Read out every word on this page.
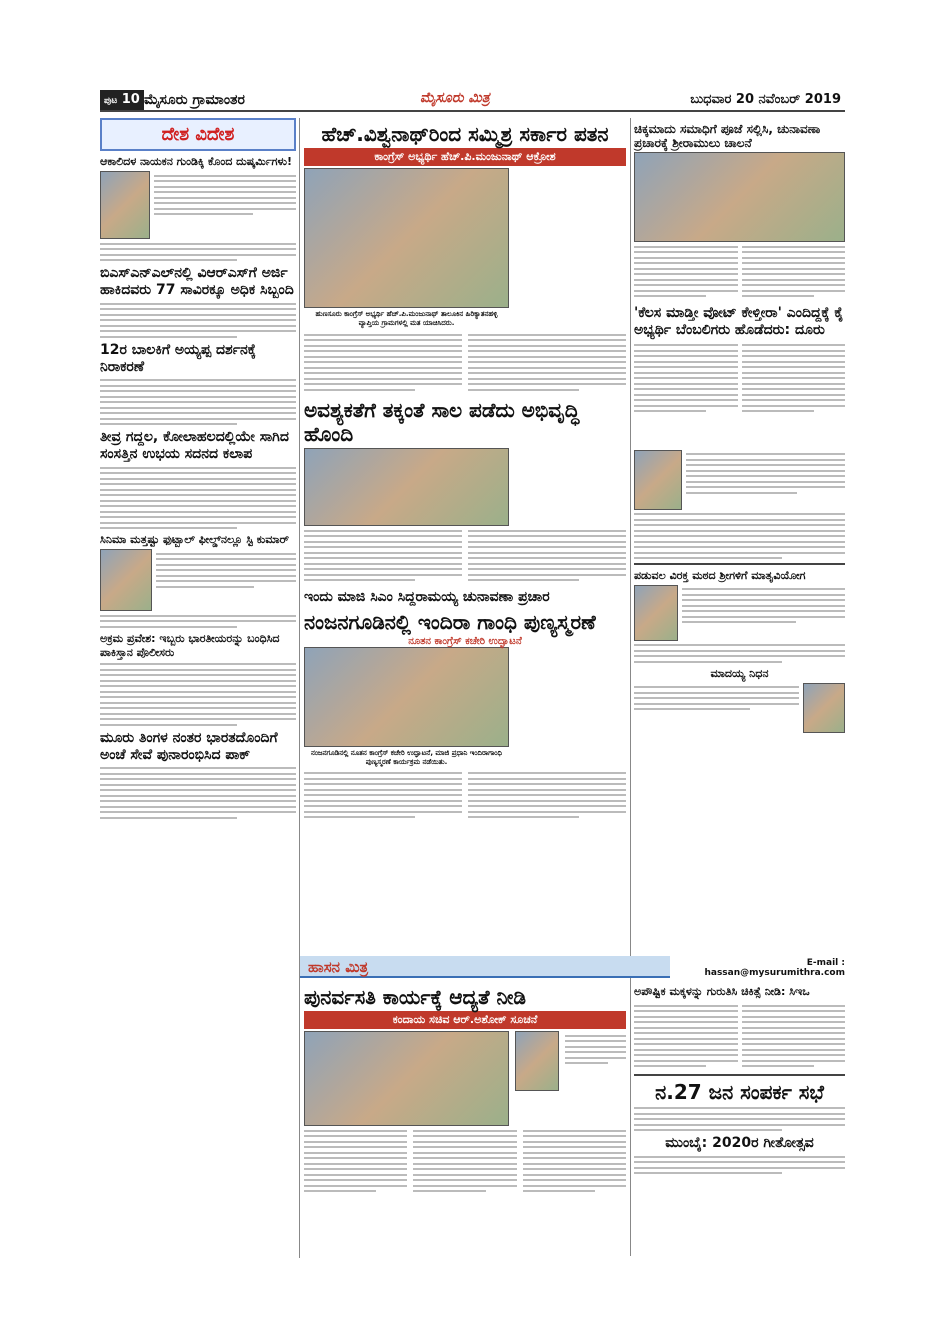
ಪುಟ 10 ಮೈಸೂರು ಗ್ರಾಮಾಂತರ	ಮೈಸೂರು ಮಿತ್ರ	ಬುಧವಾರ 20 ನವೆಂಬರ್ 2019
ದೇಶ ವಿದೇಶ
ಆಕಾಲಿದಳ ನಾಯಕನ ಗುಂಡಿಕ್ಕಿ ಕೊಂದ ದುಷ್ಕರ್ಮಿಗಳು!
ಬಿಎಸ್‌ಎನ್‌ಎಲ್‌ನಲ್ಲಿ ವಿಆರ್‌ಎಸ್‌ಗೆ ಅರ್ಜಿ ಹಾಕಿದವರು 77 ಸಾವಿರಕ್ಕೂ ಅಧಿಕ ಸಿಬ್ಬಂದಿ
12ರ ಬಾಲಕಿಗೆ ಅಯ್ಯಪ್ಪ ದರ್ಶನಕ್ಕೆ ನಿರಾಕರಣೆ
ತೀವ್ರ ಗದ್ದಲ, ಕೋಲಾಹಲದಲ್ಲಿಯೇ ಸಾಗಿದ ಸಂಸತ್ತಿನ ಉಭಯ ಸದನದ ಕಲಾಪ
ಸಿನಿಮಾ ಮತ್ತಷ್ಟು ಫುಟ್ಬಾಲ್ ಫೀಲ್ಡ್‌ನಲ್ಲೂ ಸ್ಟಿ ಕುಮಾರ್
ಅಕ್ರಮ ಪ್ರವೇಶ: ಇಬ್ಬರು ಭಾರತೀಯರನ್ನು ಬಂಧಿಸಿದ ಪಾಕಿಸ್ತಾನ ಪೊಲೀಸರು
ಮೂರು ತಿಂಗಳ ನಂತರ ಭಾರತದೊಂದಿಗೆ ಅಂಚೆ ಸೇವೆ ಪುನಾರಂಭಿಸಿದ ಪಾಕ್
ಹೆಚ್.ವಿಶ್ವನಾಥ್‌ರಿಂದ ಸಮ್ಮಿಶ್ರ ಸರ್ಕಾರ ಪತನ
ಕಾಂಗ್ರೆಸ್ ಅಭ್ಯರ್ಥಿ ಹೆಚ್.ಪಿ.ಮಂಜುನಾಥ್ ಆಕ್ರೋಶ
ಹುಣಸೂರು ಕಾಂಗ್ರೆಸ್ ಅಭ್ಯರ್ಥಿ ಹೆಚ್.ಪಿ.ಮಂಜುನಾಥ್ ತಾಲೂಕಿನ ಹಿರಿಕ್ಯಾತನಹಳ್ಳಿ ವ್ಯಾಪ್ತಿಯ ಗ್ರಾಮಗಳಲ್ಲಿ ಮತ ಯಾಚಿಸಿದರು.
ಅವಶ್ಯಕತೆಗೆ ತಕ್ಕಂತೆ ಸಾಲ ಪಡೆದು ಅಭಿವೃದ್ಧಿ ಹೊಂದಿ
ಇಂದು ಮಾಜಿ ಸಿಎಂ ಸಿದ್ದರಾಮಯ್ಯ ಚುನಾವಣಾ ಪ್ರಚಾರ
ನಂಜನಗೂಡಿನಲ್ಲಿ ಇಂದಿರಾ ಗಾಂಧಿ ಪುಣ್ಯಸ್ಮರಣೆ
ನೂತನ ಕಾಂಗ್ರೆಸ್ ಕಚೇರಿ ಉದ್ಘಾಟನೆ
ನಂಜನಗೂಡಿನಲ್ಲಿ ನೂತನ ಕಾಂಗ್ರೆಸ್ ಕಚೇರಿ ಉದ್ಘಾಟನೆ, ಮಾಜಿ ಪ್ರಧಾನಿ ಇಂದಿರಾಗಾಂಧಿ ಪುಣ್ಯಸ್ಮರಣೆ ಕಾರ್ಯಕ್ರಮ ನಡೆಯಿತು.
ಚಿಕ್ಕಮಾದು ಸಮಾಧಿಗೆ ಪೂಜೆ ಸಲ್ಲಿಸಿ, ಚುನಾವಣಾ ಪ್ರಚಾರಕ್ಕೆ ಶ್ರೀರಾಮುಲು ಚಾಲನೆ
'ಕೆಲಸ ಮಾಡ್ತೀ ವೋಟ್ ಕೇಳ್ತೀರಾ' ಎಂದಿದ್ದಕ್ಕೆ ಕೈ ಅಭ್ಯರ್ಥಿ ಬೆಂಬಲಿಗರು ಹೊಡೆದರು: ದೂರು
ಪಡುವಲ ವಿರಕ್ತ ಮಠದ ಶ್ರೀಗಳಿಗೆ ಮಾತೃವಿಯೋಗ
ಮಾದಯ್ಯ ನಿಧನ
ಹಾಸನ ಮಿತ್ರ	E-mail : hassan@mysurumithra.com
ಪುನರ್ವಸತಿ ಕಾರ್ಯಕ್ಕೆ ಆದ್ಯತೆ ನೀಡಿ
ಕಂದಾಯ ಸಚಿವ ಆರ್.ಅಶೋಕ್ ಸೂಚನೆ
ಅಪೌಷ್ಟಿಕ ಮಕ್ಕಳನ್ನು ಗುರುತಿಸಿ ಚಿಕಿತ್ಸೆ ನೀಡಿ: ಸಿಇಒ
ನ.27 ಜನ ಸಂಪರ್ಕ ಸಭೆ
ಮುಂಬೈ: 2020ರ ಗೀತೋತ್ಸವ
